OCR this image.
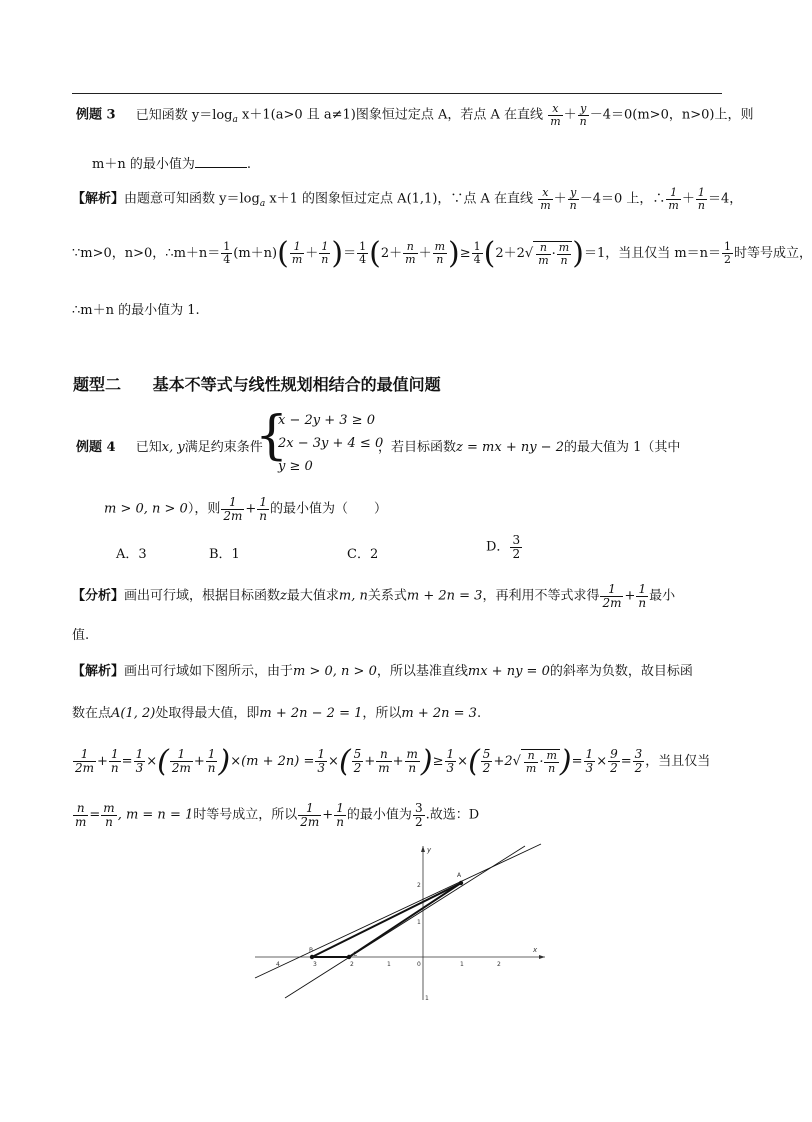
例题 3 已知函数 $y=\log_a$ x＋1(a>0 且 a≠1)图象恒过定点 A，若点 A 在直线 $\frac{x}{m} + \frac{y}{n} -4=0(m>0$，n>0)上，则
m＋n 的最小值为	.
【解析】由题意可知函数 $y=\log_a$ x＋1 的图象恒过定点 A(1,1)，∵点 A 在直线 $\frac{x}{m} + \frac{y}{n} -4=0$ 上，∴ $\frac{1}{m} + \frac{1}{n} =4$，
∵m>0，n>0，∴m＋n＝ $\frac{1}{4} (m+n)( \frac{1}{m} + \frac{1}{n}$ )＝ $\frac{1}{4} (2+ \frac{n}{m} + \frac{m}{n}$ )≥ $\frac{1}{4} (2+2√ \frac{n}{m} \cdot \frac{m}{n} )=1$，当且仅当 $m=n= \frac{1}{2}$ 时等号成立，
∴m＋n 的最小值为 1.
题型二 基本不等式与线性规划相结合的最值问题
例题 4 已知x, y满足约束条件
{
x − 2y + 3 ≥ 0
2x − 3y + 4 ≤ 0
y ≥ 0
，若目标函数z = mx + ny − 2的最大值为 1（其中
m > 0, n > 0），则 $\frac{1}{2m} + \frac{1}{n}$ 的最小值为（　　）
A．3	B．1	C．2	D． $\frac{3}{2}$
【分析】画出可行域，根据目标函数z最大值求m, n关系式m + 2n = 3，再利用不等式求得 $\frac{1}{2m} + \frac{1}{n}$ 最小
值.
【解析】画出可行域如下图所示，由于m > 0, n > 0，所以基准直线mx + ny = 0的斜率为负数，故目标函
数在点A(1, 2)处取得最大值，即m + 2n − 2 = 1，所以m + 2n = 3.
$\frac{1}{2m} + \frac{1}{n} = \frac{1}{3}$ ×( $\frac{1}{2m} + \frac{1}{n} )\times(m + 2n) = \frac{1}{3}$ ×( $\frac{5}{2} + \frac{n}{m} + \frac{m}{n}$ )≥ $\frac{1}{3}$ ×( $\frac{5}{2} +2√ \frac{n}{m} \cdot \frac{m}{n}$ )= $\frac{1}{3} \times \frac{9}{2} = \frac{3}{2}$ ，当且仅当
$\frac{n}{m} = \frac{m}{n}$ , m = n = 1时等号成立，所以 $\frac{1}{2m} + \frac{1}{n}$ 的最小值为 $\frac{3}{2}$ .故选：D
x
y
4	3	2	1	0	1	2
2
1
1
A
B
C
